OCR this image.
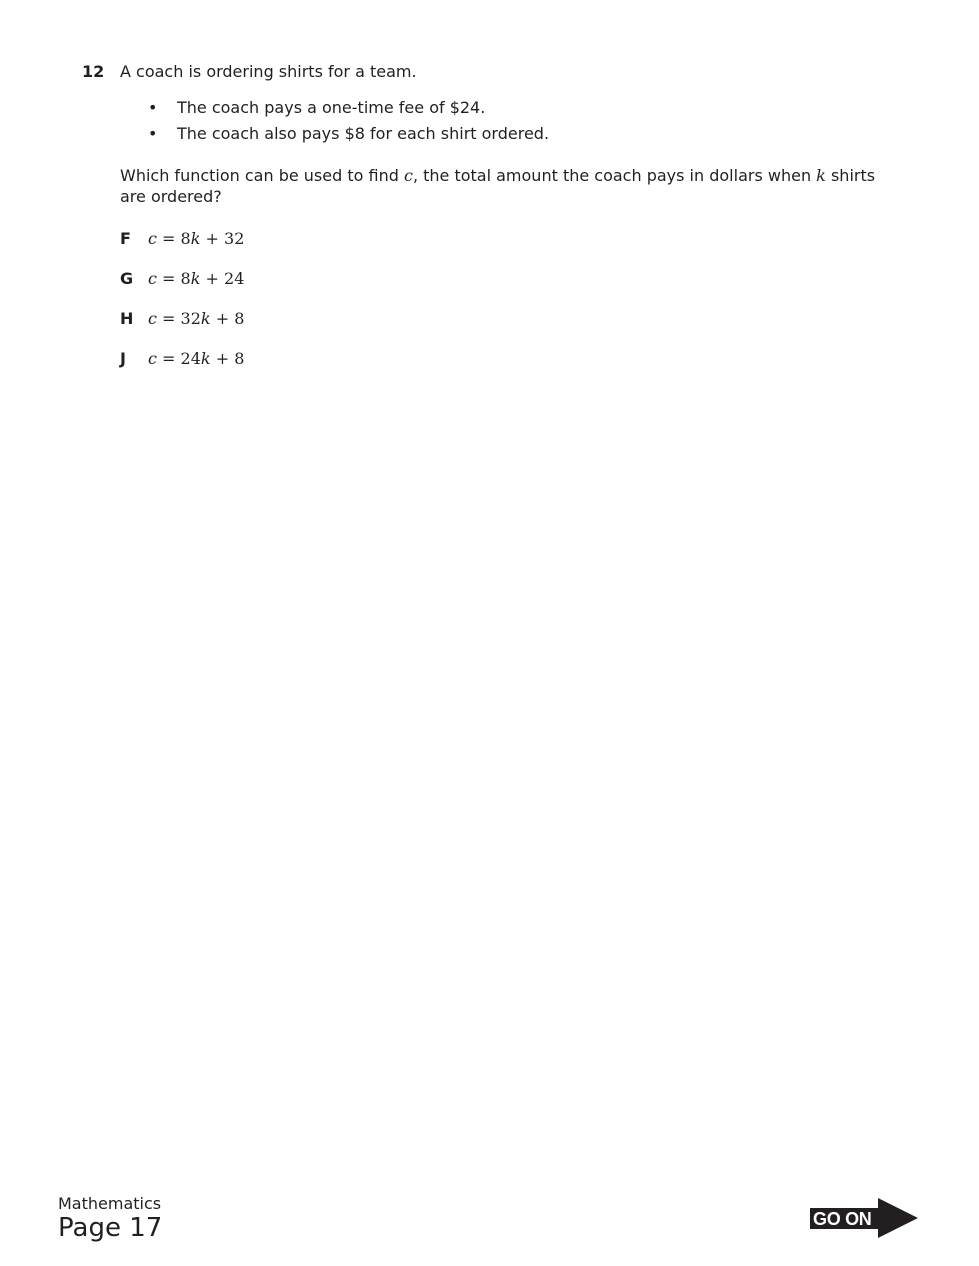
12 A coach is ordering shirts for a team.
• The coach pays a one-time fee of $24.
• The coach also pays $8 for each shirt ordered.
Which function can be used to find c, the total amount the coach pays in dollars when k shirts are ordered?
F	c = 8k + 32
G c = 8k + 24
H c = 32k + 8
J	c = 24k + 8
Mathematics
Page 17	GO ON
